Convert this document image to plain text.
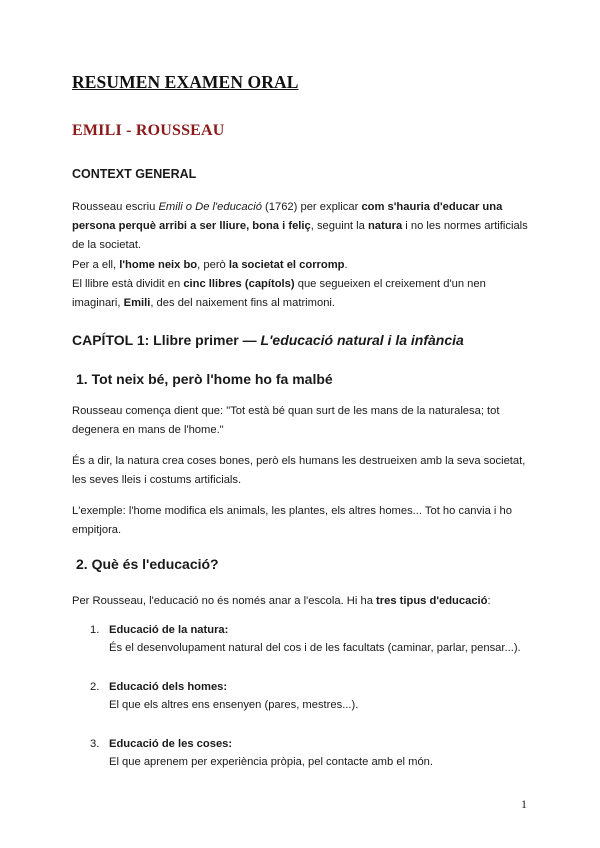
RESUMEN EXAMEN ORAL
EMILI - ROUSSEAU
CONTEXT GENERAL

Rousseau escriu Emili o De l'educació (1762) per explicar com s'hauria d'educar una persona perquè arribi a ser lliure, bona i feliç, seguint la natura i no les normes artificials de la societat.

Per a ell, l'home neix bo, però la societat el corromp.

El llibre està dividit en cinc llibres (capítols) que segueixen el creixement d'un nen imaginari, Emili, des del naixement fins al matrimoni.

CAPÍTOL 1: Llibre primer — L'educació natural i la infància
1. Tot neix bé, però l'home ho fa malbé

Rousseau comença dient que: "Tot està bé quan surt de les mans de la naturalesa; tot degenera en mans de l'home."

És a dir, la natura crea coses bones, però els humans les destrueixen amb la seva societat, les seves lleis i costums artificials.

L'exemple: l'home modifica els animals, les plantes, els altres homes... Tot ho canvia i ho empitjora.

2. Què és l'educació?

Per Rousseau, l'educació no és només anar a l'escola. Hi ha tres tipus d'educació:

1. Educació de la natura:
És el desenvolupament natural del cos i de les facultats (caminar, parlar, pensar...).
2. Educació dels homes:
El que els altres ens ensenyen (pares, mestres...).
3. Educació de les coses:
El que aprenem per experiència pròpia, pel contacte amb el món.
1
